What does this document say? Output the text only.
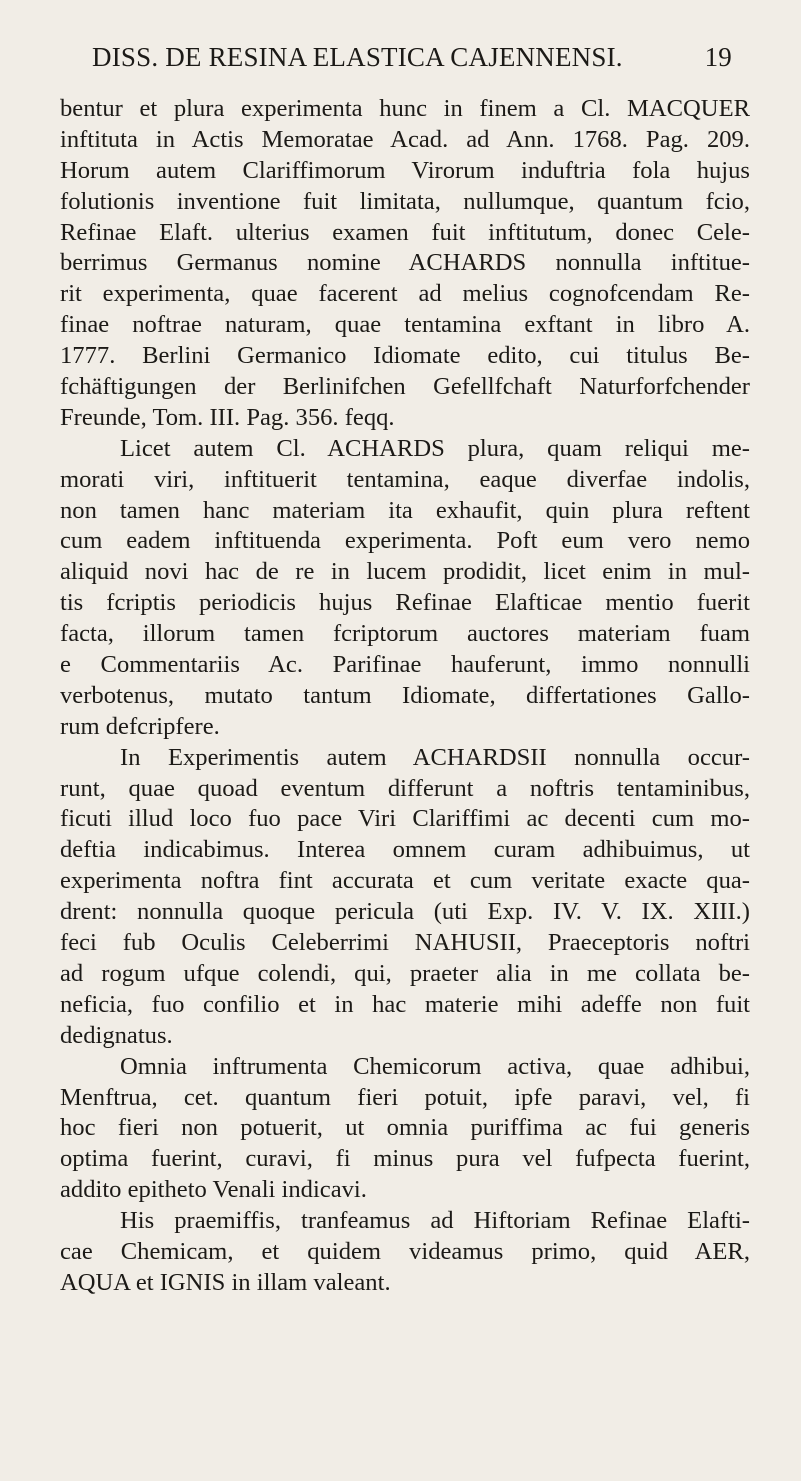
DISS. DE RESINA ELASTICA CAJENNENSI.	19
bentur et plura experimenta hunc in finem a Cl. MACQUER
inftituta in Actis Memoratae Acad. ad Ann. 1768. Pag. 209.
Horum autem Clariffimorum Virorum induftria fola hujus
folutionis inventione fuit limitata, nullumque, quantum fcio,
Refinae Elaft. ulterius examen fuit inftitutum, donec Cele-
berrimus Germanus nomine ACHARDS nonnulla inftitue-
rit experimenta, quae facerent ad melius cognofcendam Re-
finae noftrae naturam, quae tentamina exftant in libro A.
1777. Berlini Germanico Idiomate edito, cui titulus Be-
fchäftigungen der Berlinifchen Gefellfchaft Naturforfchender
Freunde, Tom. III. Pag. 356. feqq.
Licet autem Cl. ACHARDS plura, quam reliqui me-
morati viri, inftituerit tentamina, eaque diverfae indolis,
non tamen hanc materiam ita exhaufit, quin plura reftent
cum eadem inftituenda experimenta. Poft eum vero nemo
aliquid novi hac de re in lucem prodidit, licet enim in mul-
tis fcriptis periodicis hujus Refinae Elafticae mentio fuerit
facta, illorum tamen fcriptorum auctores materiam fuam
e Commentariis Ac. Parifinae hauferunt, immo nonnulli
verbotenus, mutato tantum Idiomate, differtationes Gallo-
rum defcripfere.
In Experimentis autem ACHARDSII nonnulla occur-
runt, quae quoad eventum differunt a noftris tentaminibus,
ficuti illud loco fuo pace Viri Clariffimi ac decenti cum mo-
deftia indicabimus. Interea omnem curam adhibuimus, ut
experimenta noftra fint accurata et cum veritate exacte qua-
drent: nonnulla quoque pericula (uti Exp. IV. V. IX. XIII.)
feci fub Oculis Celeberrimi NAHUSII, Praeceptoris noftri
ad rogum ufque colendi, qui, praeter alia in me collata be-
neficia, fuo confilio et in hac materie mihi adeffe non fuit
dedignatus.
Omnia inftrumenta Chemicorum activa, quae adhibui,
Menftrua, cet. quantum fieri potuit, ipfe paravi, vel, fi
hoc fieri non potuerit, ut omnia puriffima ac fui generis
optima fuerint, curavi, fi minus pura vel fufpecta fuerint,
addito epitheto Venali indicavi.
His praemiffis, tranfeamus ad Hiftoriam Refinae Elafti-
cae Chemicam, et quidem videamus primo, quid AER,
AQUA et IGNIS in illam valeant.
